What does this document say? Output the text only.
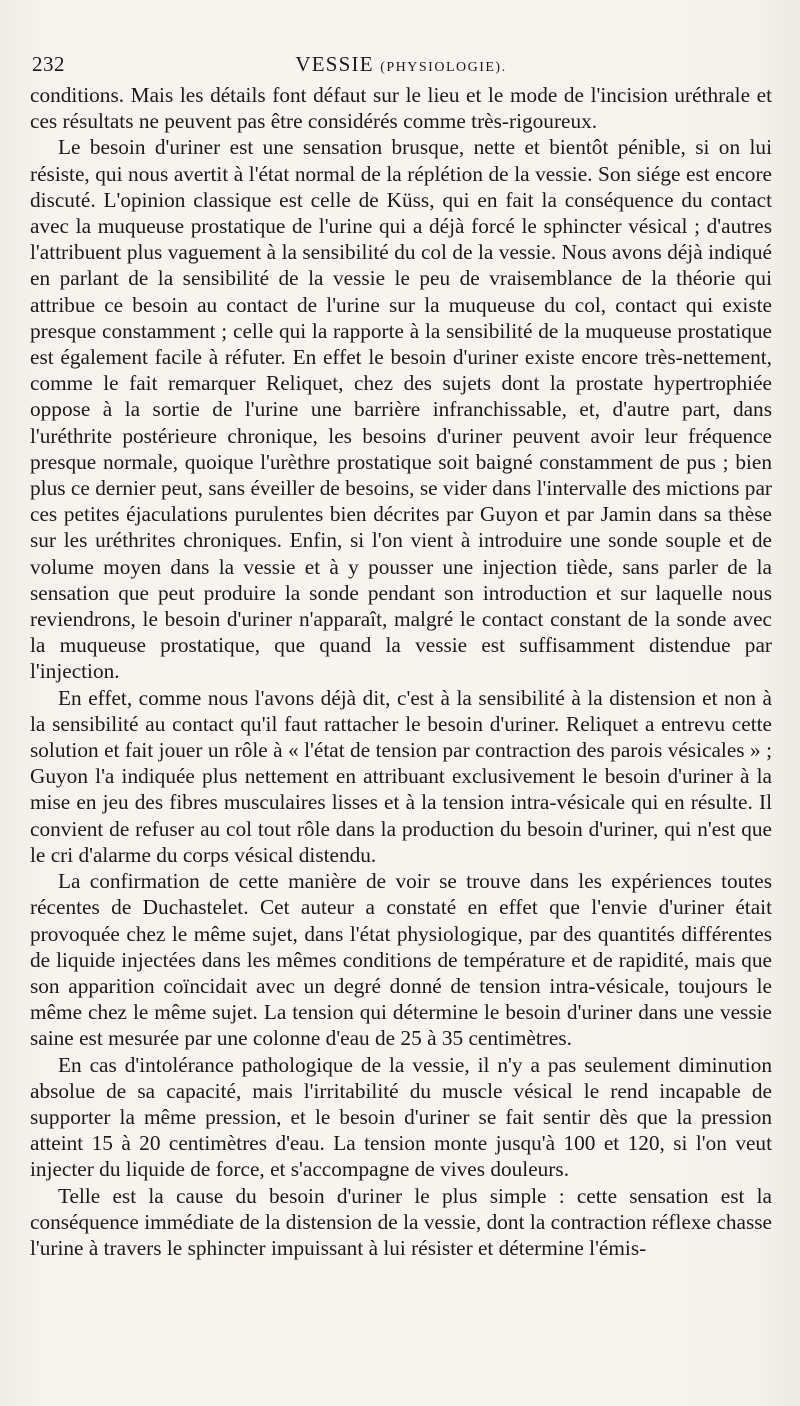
232	VESSIE (PHYSIOLOGIE).

conditions. Mais les détails font défaut sur le lieu et le mode de l'incision uréthrale et ces résultats ne peuvent pas être considérés comme très-rigoureux.

Le besoin d'uriner est une sensation brusque, nette et bientôt pénible, si on lui résiste, qui nous avertit à l'état normal de la réplétion de la vessie. Son siége est encore discuté. L'opinion classique est celle de Küss, qui en fait la conséquence du contact avec la muqueuse prostatique de l'urine qui a déjà forcé le sphincter vésical ; d'autres l'attribuent plus vaguement à la sensibilité du col de la vessie. Nous avons déjà indiqué en parlant de la sensibilité de la vessie le peu de vraisemblance de la théorie qui attribue ce besoin au contact de l'urine sur la muqueuse du col, contact qui existe presque constamment ; celle qui la rapporte à la sensibilité de la muqueuse prostatique est également facile à réfuter. En effet le besoin d'uriner existe encore très-nettement, comme le fait remarquer Reliquet, chez des sujets dont la prostate hypertrophiée oppose à la sortie de l'urine une barrière infranchissable, et, d'autre part, dans l'uréthrite postérieure chronique, les besoins d'uriner peuvent avoir leur fréquence presque normale, quoique l'urèthre prostatique soit baigné constamment de pus ; bien plus ce dernier peut, sans éveiller de besoins, se vider dans l'intervalle des mictions par ces petites éjaculations purulentes bien décrites par Guyon et par Jamin dans sa thèse sur les uréthrites chroniques. Enfin, si l'on vient à introduire une sonde souple et de volume moyen dans la vessie et à y pousser une injection tiède, sans parler de la sensation que peut produire la sonde pendant son introduction et sur laquelle nous reviendrons, le besoin d'uriner n'apparaît, malgré le contact constant de la sonde avec la muqueuse prostatique, que quand la vessie est suffisamment distendue par l'injection.

En effet, comme nous l'avons déjà dit, c'est à la sensibilité à la distension et non à la sensibilité au contact qu'il faut rattacher le besoin d'uriner. Reliquet a entrevu cette solution et fait jouer un rôle à « l'état de tension par contraction des parois vésicales » ; Guyon l'a indiquée plus nettement en attribuant exclusivement le besoin d'uriner à la mise en jeu des fibres musculaires lisses et à la tension intra-vésicale qui en résulte. Il convient de refuser au col tout rôle dans la production du besoin d'uriner, qui n'est que le cri d'alarme du corps vésical distendu.

La confirmation de cette manière de voir se trouve dans les expériences toutes récentes de Duchastelet. Cet auteur a constaté en effet que l'envie d'uriner était provoquée chez le même sujet, dans l'état physiologique, par des quantités différentes de liquide injectées dans les mêmes conditions de température et de rapidité, mais que son apparition coïncidait avec un degré donné de tension intra-vésicale, toujours le même chez le même sujet. La tension qui détermine le besoin d'uriner dans une vessie saine est mesurée par une colonne d'eau de 25 à 35 centimètres.

En cas d'intolérance pathologique de la vessie, il n'y a pas seulement diminution absolue de sa capacité, mais l'irritabilité du muscle vésical le rend incapable de supporter la même pression, et le besoin d'uriner se fait sentir dès que la pression atteint 15 à 20 centimètres d'eau. La tension monte jusqu'à 100 et 120, si l'on veut injecter du liquide de force, et s'accompagne de vives douleurs.

Telle est la cause du besoin d'uriner le plus simple : cette sensation est la conséquence immédiate de la distension de la vessie, dont la contraction réflexe chasse l'urine à travers le sphincter impuissant à lui résister et détermine l'émis-
